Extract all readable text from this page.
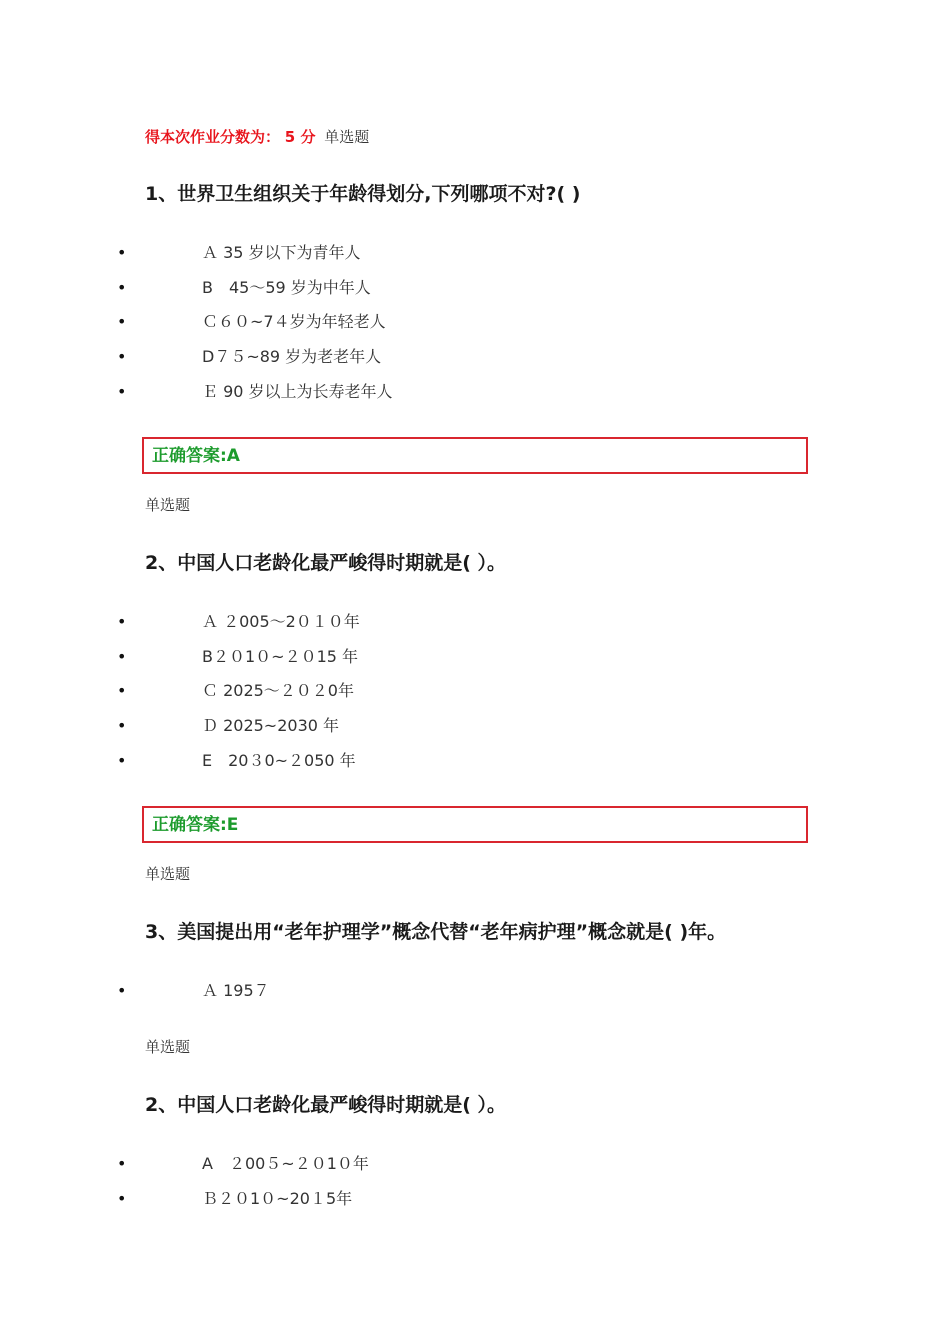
得本次作业分数为： 5 分 单选题
1、世界卫生组织关于年龄得划分,下列哪项不对?( )
•	Ａ 35 岁以下为青年人
•	B　45～59 岁为中年人
•	Ｃ６０~7４岁为年轻老人
•	D７５~89 岁为老老年人
•	Ｅ 90 岁以上为长寿老年人
正确答案:A
单选题
2、中国人口老龄化最严峻得时期就是( ）。
•	Ａ ２005～2０１０年
•	B２０1０~２０15 年
•	Ｃ 2025～２０２0年
•	Ｄ 2025~2030 年
•	E　20３0~２050 年
正确答案:E
单选题
3、美国提出用“老年护理学”概念代替“老年病护理”概念就是( )年。
•	Ａ 195７
单选题
2、中国人口老龄化最严峻得时期就是( ）。
•	A　２00５~２０1０年
•	Ｂ２０1０~20１5年
